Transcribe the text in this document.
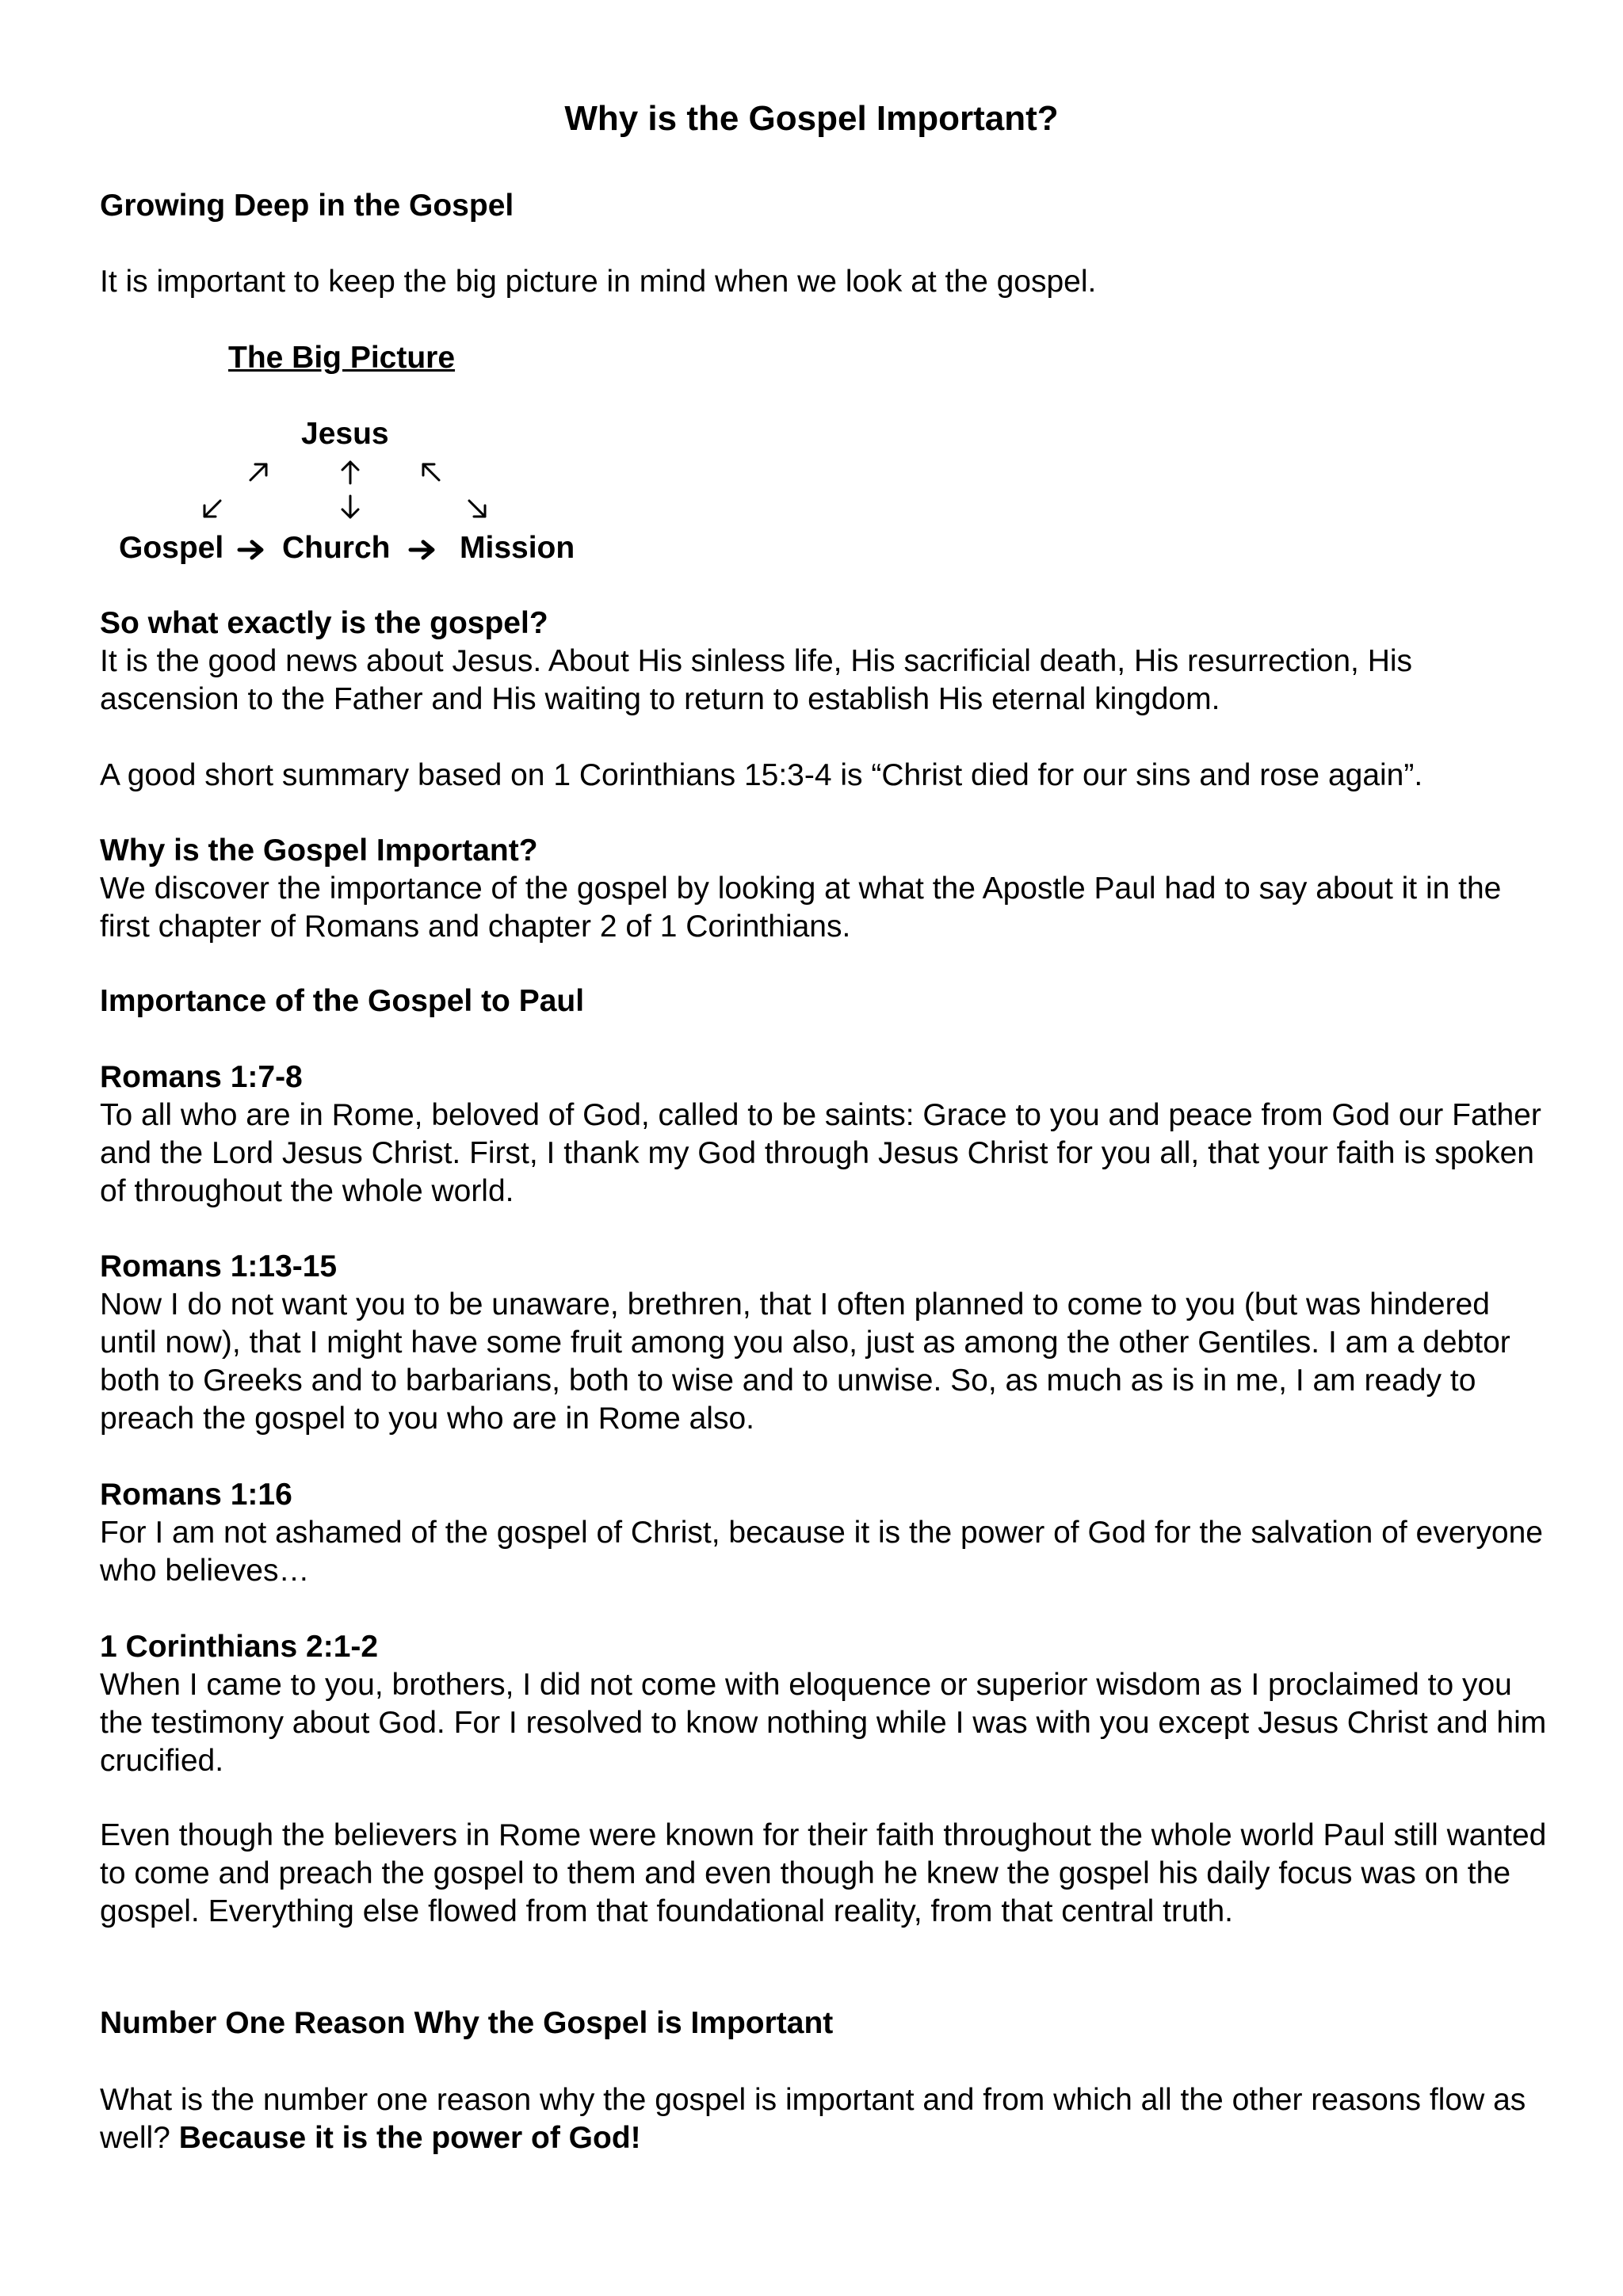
Why is the Gospel Important?

Growing Deep in the Gospel

It is important to keep the big picture in mind when we look at the gospel.

The Big Picture
Jesus
Gospel Church Mission
So what exactly is the gospel?
It is the good news about Jesus. About His sinless life, His sacrificial death, His resurrection, His ascension to the Father and His waiting to return to establish His eternal kingdom.

A good short summary based on 1 Corinthians 15:3-4 is “Christ died for our sins and rose again”.

Why is the Gospel Important?
We discover the importance of the gospel by looking at what the Apostle Paul had to say about it in the first chapter of Romans and chapter 2 of 1 Corinthians.

Importance of the Gospel to Paul

Romans 1:7-8
To all who are in Rome, beloved of God, called to be saints: Grace to you and peace from God our Father and the Lord Jesus Christ. First, I thank my God through Jesus Christ for you all, that your faith is spoken of throughout the whole world.
Romans 1:13-15
Now I do not want you to be unaware, brethren, that I often planned to come to you (but was hindered until now), that I might have some fruit among you also, just as among the other Gentiles. I am a debtor both to Greeks and to barbarians, both to wise and to unwise. So, as much as is in me, I am ready to preach the gospel to you who are in Rome also.
Romans 1:16
For I am not ashamed of the gospel of Christ, because it is the power of God for the salvation of everyone who believes…
1 Corinthians 2:1-2
When I came to you, brothers, I did not come with eloquence or superior wisdom as I proclaimed to you the testimony about God. For I resolved to know nothing while I was with you except Jesus Christ and him crucified.

Even though the believers in Rome were known for their faith throughout the whole world Paul still wanted to come and preach the gospel to them and even though he knew the gospel his daily focus was on the gospel. Everything else flowed from that foundational reality, from that central truth.

Number One Reason Why the Gospel is Important

What is the number one reason why the gospel is important and from which all the other reasons flow as well? Because it is the power of God!
